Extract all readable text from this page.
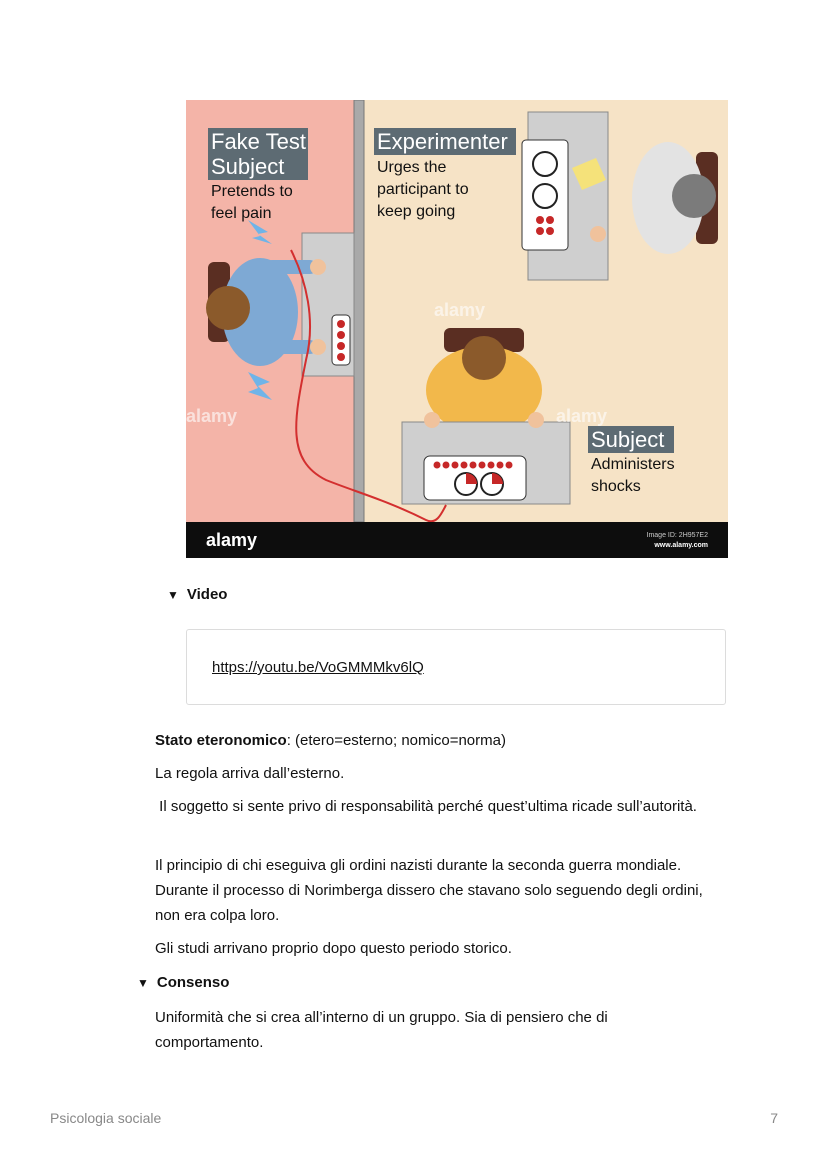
Fake Test
Subject
Pretends to
feel pain
Experimenter
Urges the
participant to
keep going
Subject
Administers
shocks
alamy
alamy
alamy
alamy	Image ID: 2H957E2
www.alamy.com
▼ Video
https://youtu.be/VoGMMMkv6lQ

Stato eteronomico: (etero=esterno; nomico=norma)

La regola arriva dall’esterno.

Il soggetto si sente privo di responsabilità perché quest’ultima ricade sull’autorità.

Il principio di chi eseguiva gli ordini nazisti durante la seconda guerra mondiale. Durante il processo di Norimberga dissero che stavano solo seguendo degli ordini, non era colpa loro.

Gli studi arrivano proprio dopo questo periodo storico.

▼ Consenso

Uniformità che si crea all’interno di un gruppo. Sia di pensiero che di comportamento.

Psicologia sociale	7
